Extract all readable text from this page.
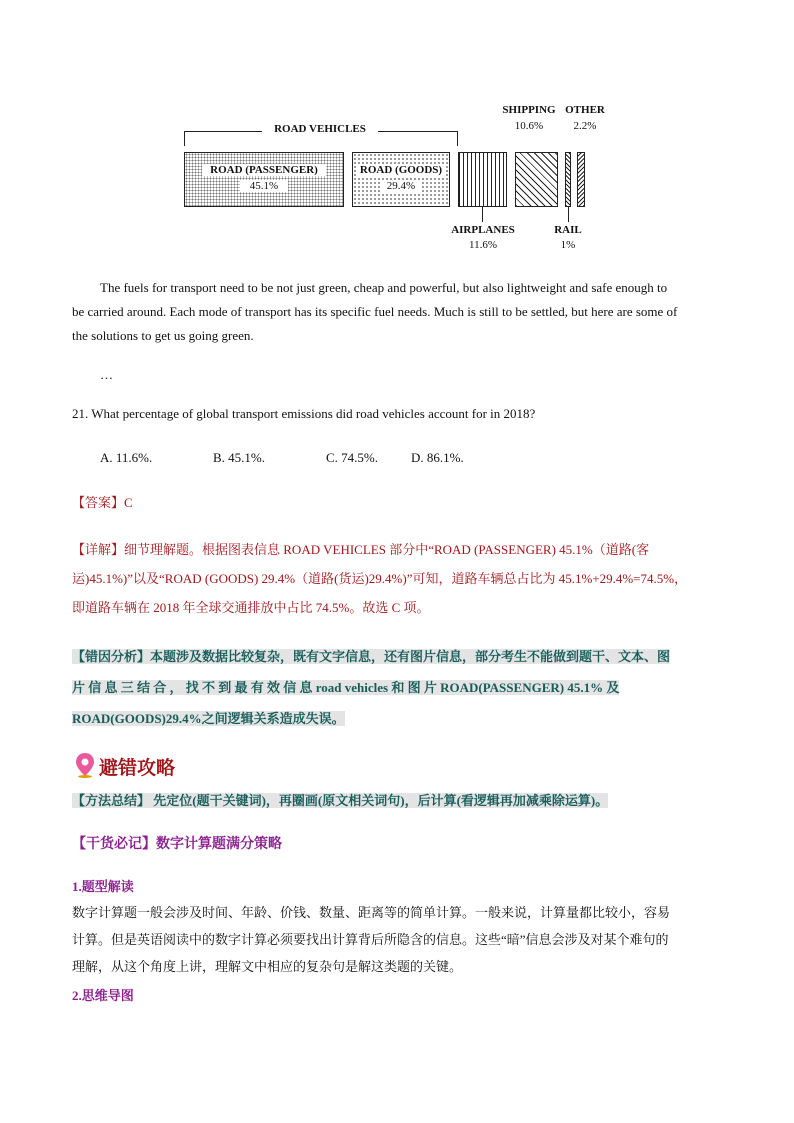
ROAD VEHICLES
ROAD (PASSENGER)
45.1%
ROAD (GOODS)
29.4%
AIRPLANES
11.6%
SHIPPING
10.6%
RAIL
1%
OTHER
2.2%
The fuels for transport need to be not just green, cheap and powerful, but also lightweight and safe enough to
be carried around. Each mode of transport has its specific fuel needs. Much is still to be settled, but here are some of
the solutions to get us going green.
…
21. What percentage of global transport emissions did road vehicles account for in 2018?
A. 11.6%.	B. 45.1%.	C. 74.5%.	D. 86.1%.
【答案】C
【详解】细节理解题。根据图表信息 ROAD VEHICLES 部分中“ROAD (PASSENGER) 45.1%（道路(客
运)45.1%)”以及“ROAD (GOODS) 29.4%（道路(货运)29.4%)”可知，道路车辆总占比为 45.1%+29.4%=74.5%，
即道路车辆在 2018 年全球交通排放中占比 74.5%。故选 C 项。
【错因分析】本题涉及数据比较复杂，既有文字信息，还有图片信息，部分考生不能做到题干、文本、图
片 信 息 三 结 合 ， 找 不 到 最 有 效 信 息 road vehicles 和 图 片 ROAD(PASSENGER) 45.1% 及
ROAD(GOODS)29.4%之间逻辑关系造成失误。
避错攻略
【方法总结】 先定位(题干关键词)，再圈画(原文相关词句)，后计算(看逻辑再加减乘除运算)。
【干货必记】数字计算题满分策略
1.题型解读
数字计算题一般会涉及时间、年龄、价钱、数量、距离等的简单计算。一般来说，计算量都比较小，容易
计算。但是英语阅读中的数字计算必须要找出计算背后所隐含的信息。这些“暗”信息会涉及对某个难句的
理解，从这个角度上讲，理解文中相应的复杂句是解这类题的关键。
2.思维导图
